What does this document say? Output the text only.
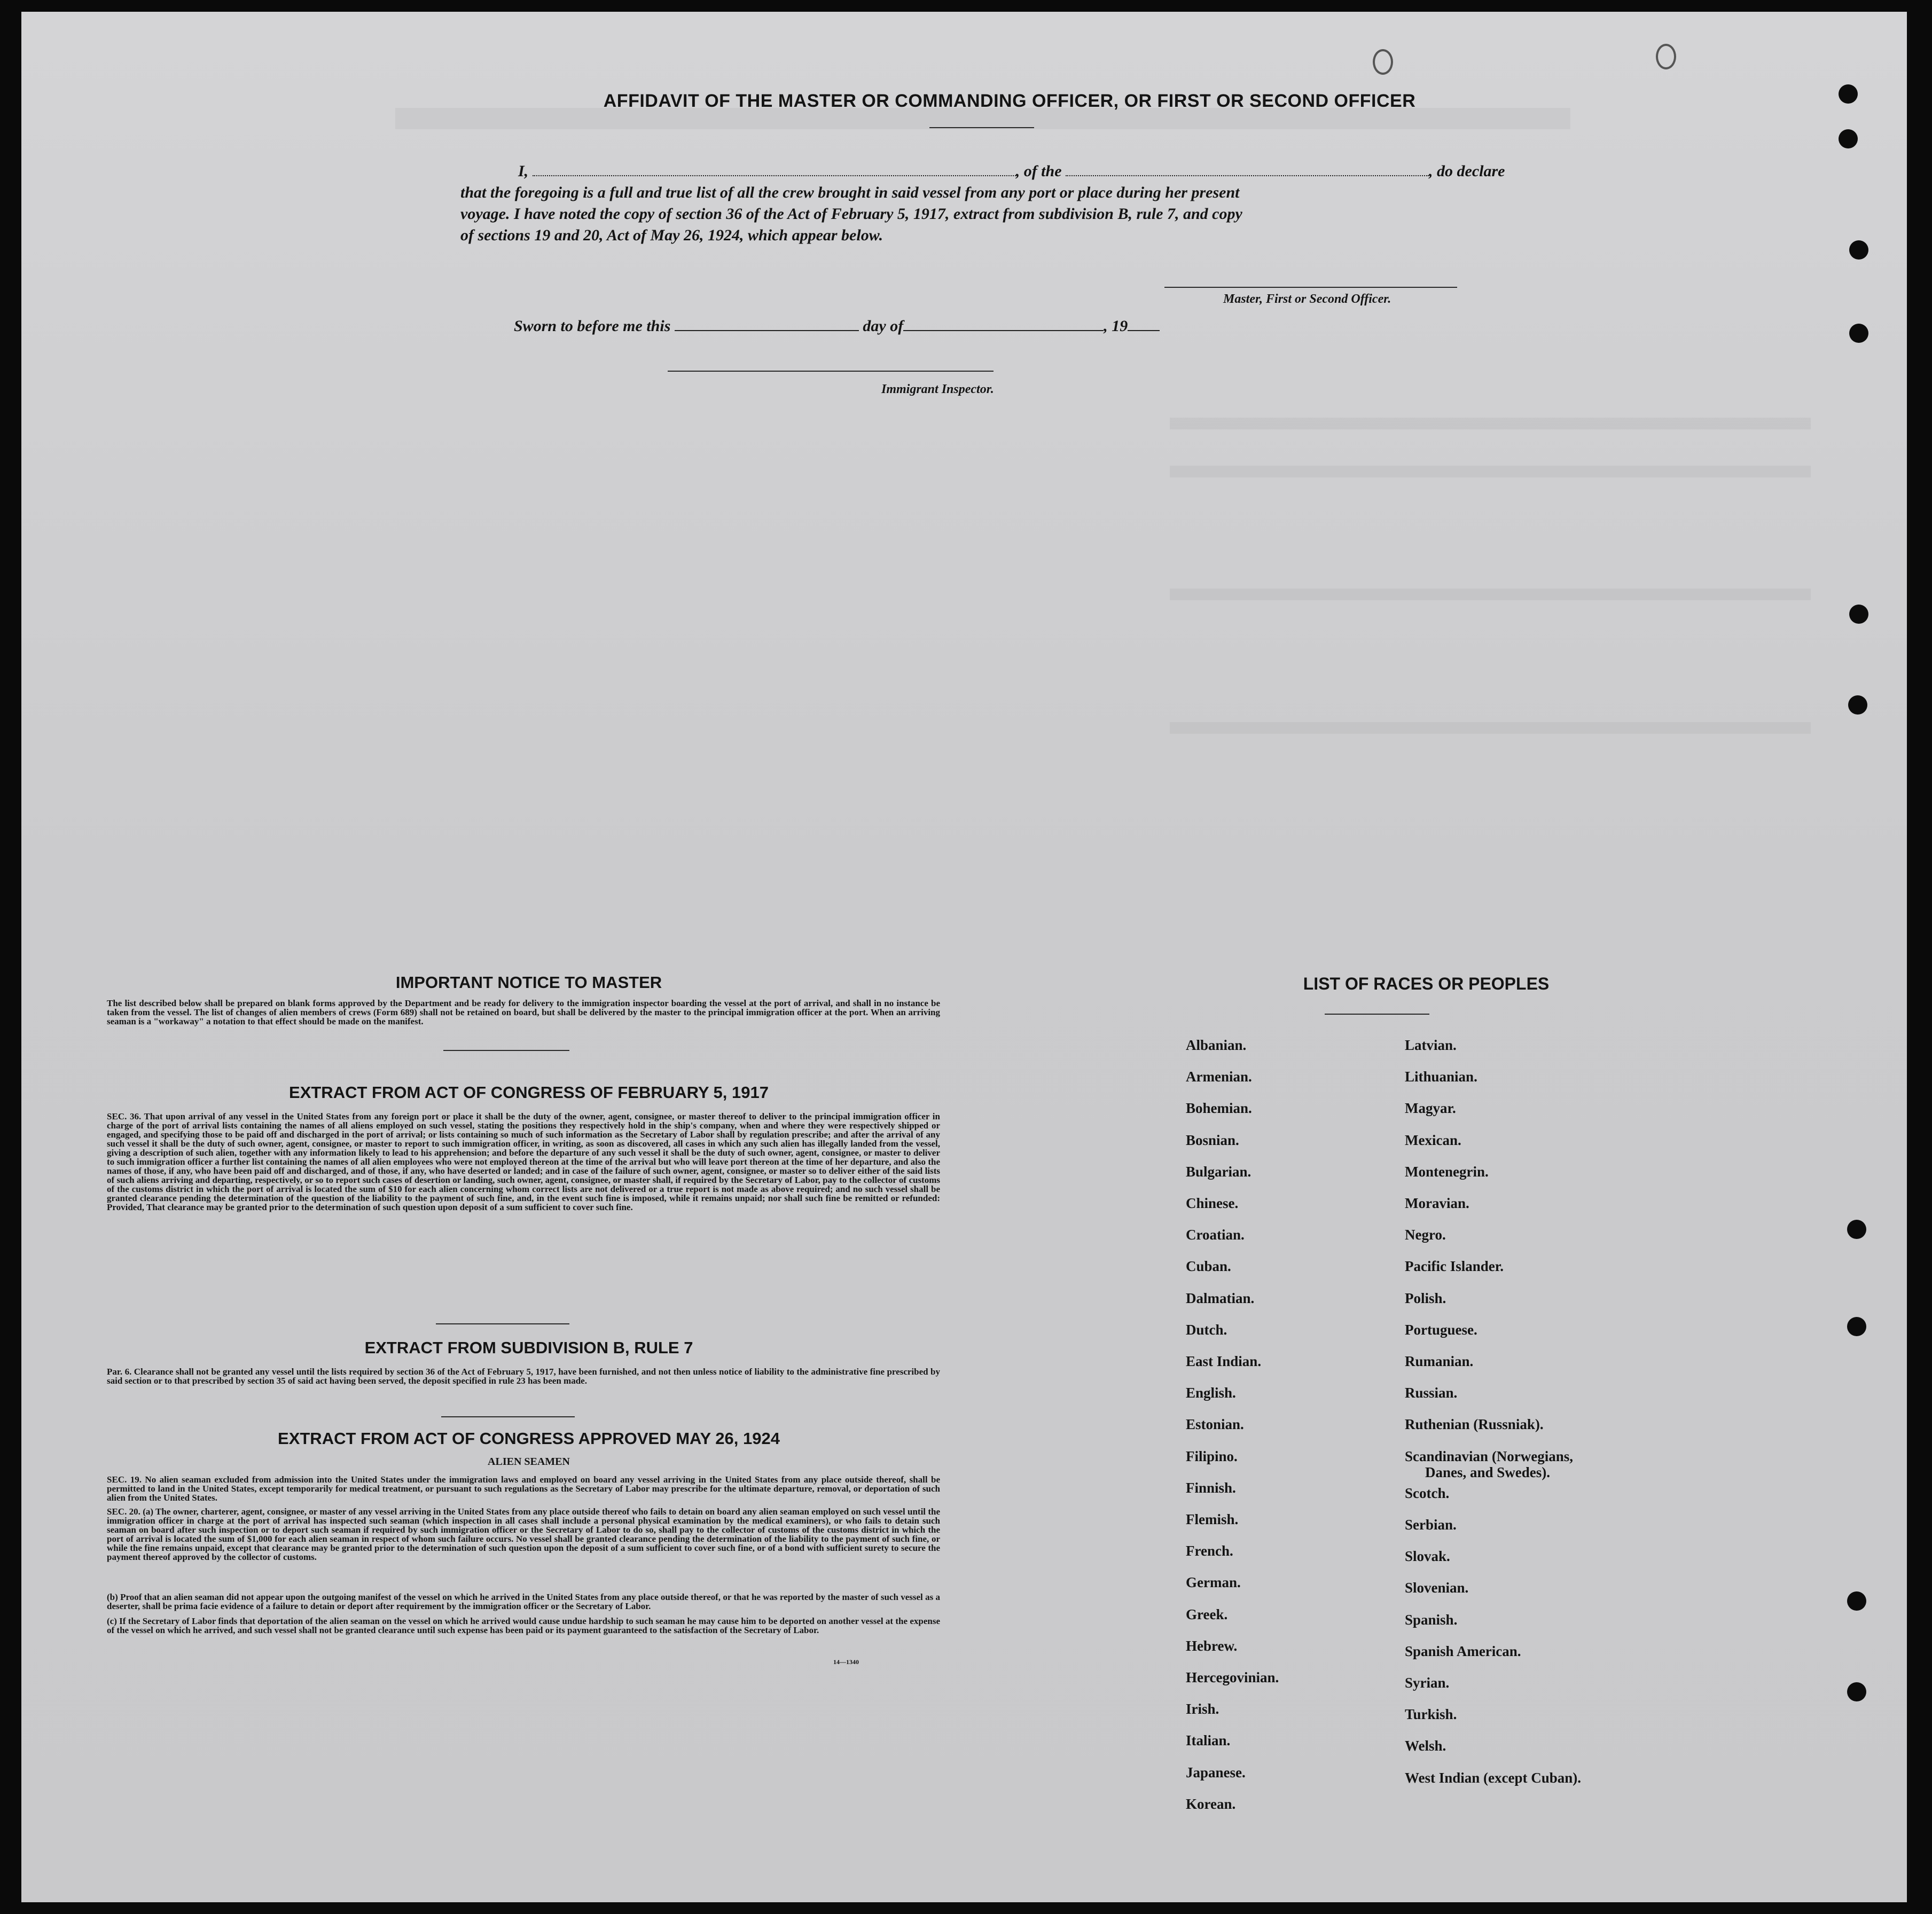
AFFIDAVIT OF THE MASTER OR COMMANDING OFFICER, OR FIRST OR SECOND OFFICER
I,	, of the	, do declare
that the foregoing is a full and true list of all the crew brought in said vessel from any port or place during her present
voyage. I have noted the copy of section 36 of the Act of February 5, 1917, extract from subdivision B, rule 7, and copy
of sections 19 and 20, Act of May 26, 1924, which appear below.
Master, First or Second Officer.
Sworn to before me this	day of	, 19
Immigrant Inspector.
IMPORTANT NOTICE TO MASTER
The list described below shall be prepared on blank forms approved by the Department and be ready for delivery to the immigration inspector boarding the vessel at the port of arrival, and shall in no instance be taken from the vessel. The list of changes of alien members of crews (Form 689) shall not be retained on board, but shall be delivered by the master to the principal immigration officer at the port. When an arriving seaman is a "workaway" a notation to that effect should be made on the manifest.
EXTRACT FROM ACT OF CONGRESS OF FEBRUARY 5, 1917
SEC. 36. That upon arrival of any vessel in the United States from any foreign port or place it shall be the duty of the owner, agent, consignee, or master thereof to deliver to the principal immigration officer in charge of the port of arrival lists containing the names of all aliens employed on such vessel, stating the positions they respectively hold in the ship's company, when and where they were respectively shipped or engaged, and specifying those to be paid off and discharged in the port of arrival; or lists containing so much of such information as the Secretary of Labor shall by regulation prescribe; and after the arrival of any such vessel it shall be the duty of such owner, agent, consignee, or master to report to such immigration officer, in writing, as soon as discovered, all cases in which any such alien has illegally landed from the vessel, giving a description of such alien, together with any information likely to lead to his apprehension; and before the departure of any such vessel it shall be the duty of such owner, agent, consignee, or master to deliver to such immigration officer a further list containing the names of all alien employees who were not employed thereon at the time of the arrival but who will leave port thereon at the time of her departure, and also the names of those, if any, who have been paid off and discharged, and of those, if any, who have deserted or landed; and in case of the failure of such owner, agent, consignee, or master so to deliver either of the said lists of such aliens arriving and departing, respectively, or so to report such cases of desertion or landing, such owner, agent, consignee, or master shall, if required by the Secretary of Labor, pay to the collector of customs of the customs district in which the port of arrival is located the sum of $10 for each alien concerning whom correct lists are not delivered or a true report is not made as above required; and no such vessel shall be granted clearance pending the determination of the question of the liability to the payment of such fine, and, in the event such fine is imposed, while it remains unpaid; nor shall such fine be remitted or refunded: Provided, That clearance may be granted prior to the determination of such question upon deposit of a sum sufficient to cover such fine.
EXTRACT FROM SUBDIVISION B, RULE 7
Par. 6. Clearance shall not be granted any vessel until the lists required by section 36 of the Act of February 5, 1917, have been furnished, and not then unless notice of liability to the administrative fine prescribed by said section or to that prescribed by section 35 of said act having been served, the deposit specified in rule 23 has been made.
EXTRACT FROM ACT OF CONGRESS APPROVED MAY 26, 1924
ALIEN SEAMEN
SEC. 19. No alien seaman excluded from admission into the United States under the immigration laws and employed on board any vessel arriving in the United States from any place outside thereof, shall be permitted to land in the United States, except temporarily for medical treatment, or pursuant to such regulations as the Secretary of Labor may prescribe for the ultimate departure, removal, or deportation of such alien from the United States.
SEC. 20. (a) The owner, charterer, agent, consignee, or master of any vessel arriving in the United States from any place outside thereof who fails to detain on board any alien seaman employed on such vessel until the immigration officer in charge at the port of arrival has inspected such seaman (which inspection in all cases shall include a personal physical examination by the medical examiners), or who fails to detain such seaman on board after such inspection or to deport such seaman if required by such immigration officer or the Secretary of Labor to do so, shall pay to the collector of customs of the customs district in which the port of arrival is located the sum of $1,000 for each alien seaman in respect of whom such failure occurs. No vessel shall be granted clearance pending the determination of the liability to the payment of such fine, or while the fine remains unpaid, except that clearance may be granted prior to the determination of such question upon the deposit of a sum sufficient to cover such fine, or of a bond with sufficient surety to secure the payment thereof approved by the collector of customs.
(b) Proof that an alien seaman did not appear upon the outgoing manifest of the vessel on which he arrived in the United States from any place outside thereof, or that he was reported by the master of such vessel as a deserter, shall be prima facie evidence of a failure to detain or deport after requirement by the immigration officer or the Secretary of Labor.
(c) If the Secretary of Labor finds that deportation of the alien seaman on the vessel on which he arrived would cause undue hardship to such seaman he may cause him to be deported on another vessel at the expense of the vessel on which he arrived, and such vessel shall not be granted clearance until such expense has been paid or its payment guaranteed to the satisfaction of the Secretary of Labor.
14—1340
LIST OF RACES OR PEOPLES
Albanian.
Armenian.
Bohemian.
Bosnian.
Bulgarian.
Chinese.
Croatian.
Cuban.
Dalmatian.
Dutch.
East Indian.
English.
Estonian.
Filipino.
Finnish.
Flemish.
French.
German.
Greek.
Hebrew.
Hercegovinian.
Irish.
Italian.
Japanese.
Korean.
Latvian.
Lithuanian.
Magyar.
Mexican.
Montenegrin.
Moravian.
Negro.
Pacific Islander.
Polish.
Portuguese.
Rumanian.
Russian.
Ruthenian (Russniak).
Scandinavian (Norwegians,
Scotch.
Serbian.
Slovak.
Slovenian.
Spanish.
Spanish American.
Syrian.
Turkish.
Welsh.
West Indian (except Cuban).
Danes, and Swedes).
